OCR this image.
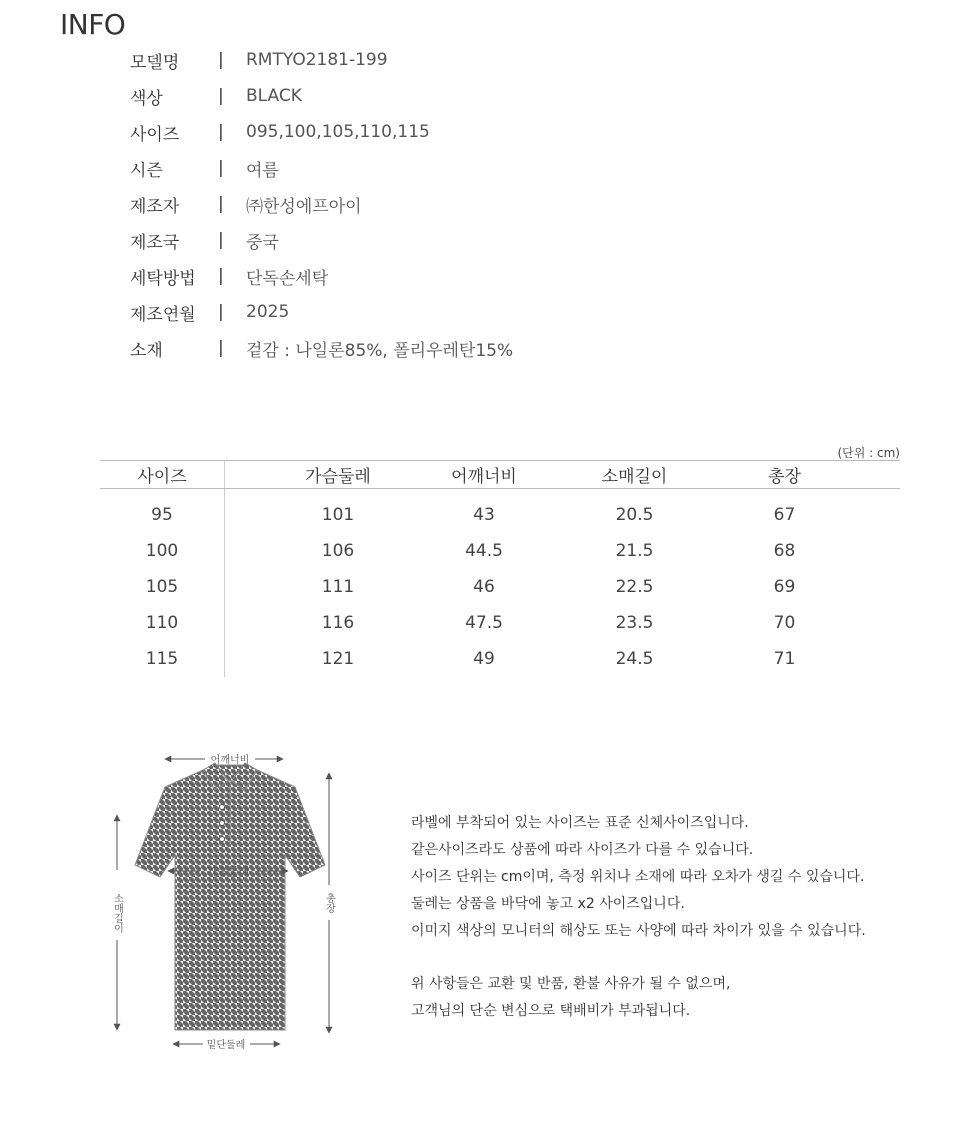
INFO
모델명	|	RMTYO2181-199
색상	|	BLACK
사이즈	|	095,100,105,110,115
시즌	|	여름
제조자	|	㈜한성에프아이
제조국	|	중국
세탁방법	|	단독손세탁
제조연월	|	2025
소재	|	겉감 : 나일론85%, 폴리우레탄15%
(단위 : cm)
사이즈	가슴둘레	어깨너비	소매길이	총장	
95	101	43	20.5	67	
100	106	44.5	21.5	68	
105	111	46	22.5	69	
110	116	47.5	23.5	70	
115	121	49	24.5	71	
어깨너비
가슴둘레
소매길이	총장
밑단둘레
라벨에 부착되어 있는 사이즈는 표준 신체사이즈입니다.
같은사이즈라도 상품에 따라 사이즈가 다를 수 있습니다.
사이즈 단위는 cm이며, 측정 위치나 소재에 따라 오차가 생길 수 있습니다.
둘레는 상품을 바닥에 놓고 x2 사이즈입니다.
이미지 색상의 모니터의 해상도 또는 사양에 따라 차이가 있을 수 있습니다.
위 사항들은 교환 및 반품, 환불 사유가 될 수 없으며,
고객님의 단순 변심으로 택배비가 부과됩니다.
